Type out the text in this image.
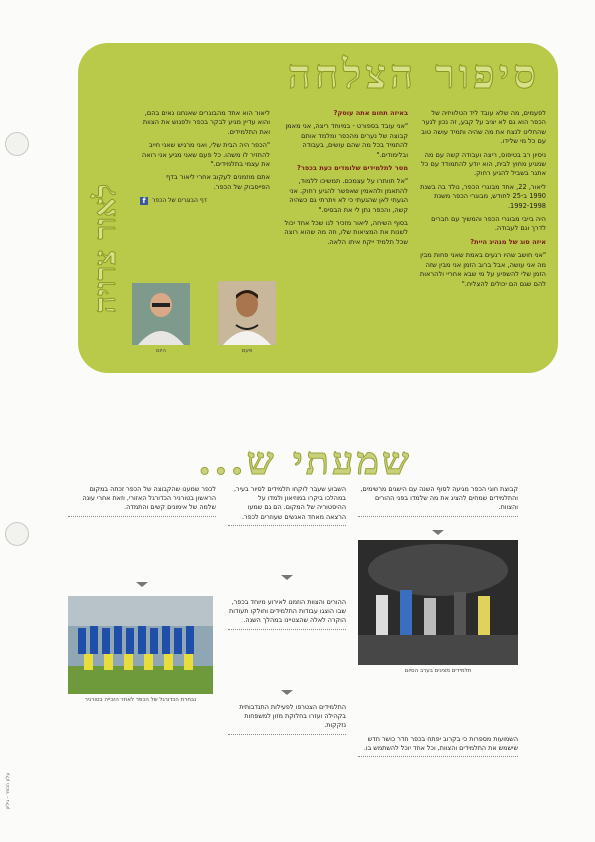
סיפור הצלחה
לאור צרויה

לפעמים, מה שלא עובד ליד הטלוויזיה של הכפר הוא גם לא יציב על קבע, זה נכון לנער שהחליט לנצח את מה שהיה ותמיד עושה טוב עם כל מי שלידו.

ניסיון רב בטיפוס, ריצה ועבודה קשה עם מה שמגיע מחוץ לבית, הוא יודע להתמודד עם כל אתגר בשביל להגיע רחוק.

ליאור, 22, אחד מבוגרי הכפר, נולד בה בשנת 1990 ב-25 לחודש, מבוגרי הכפר משנת 1992-1998.

היה בייבי מבוגרי הכפר והמשיך עם חברים לדרך וגם לעבודה.

איזה סוג של מנהיג היית?

"אני חושב שהיו רגעים באמת שאני פחות מבין מה אני עושה, אבל ברוב הזמן אני מבין שזה הזמן שלי להשפיע על מי שבא אחריי ולהראות להם שגם הם יכולים להצליח."

באיזה תחום אתה עוסק?

"אני עובד בספורט - במיוחד ריצה, אני מאמן קבוצה של נערים מהכפר ומלמד אותם להתמיד בכל מה שהם עושים, בעבודה ובלימודים."

מסר לתלמידים שלומדים כעת בכפר?

"אל תוותרו על עצמכם. תמשיכו ללמוד, להתאמן ולהאמין שאפשר להגיע רחוק. אני הגעתי לאן שהגעתי כי לא ויתרתי גם כשהיה קשה, והכפר נתן לי את הבסיס."

בסוף השיחה, ליאור מזכיר לנו שכל אחד יכול לשנות את המציאות שלו, וזה מה שהוא רוצה שכל תלמיד ייקח איתו הלאה.

ליאור הוא אחד מהבוגרים שאנחנו גאים בהם, והוא עדיין מגיע לבקר בכפר ולפגוש את הצוות ואת התלמידים.

"הכפר היה הבית שלי, ואני מרגיש שאני חייב להחזיר לו משהו. כל פעם שאני מגיע אני רואה את עצמי בתלמידים."

אתם מוזמנים לעקוב אחרי ליאור בדף הפייסבוק של הכפר.

דף הבוגרים של הכפר
f
היום	פעם
שמעתי ש...
קבוצת חוגי הכפר מגיעה לסוף השנה עם הישגים מרשימים, והתלמידים שמחים להציג את מה שלמדו בפני ההורים והצוות.
תלמידים מציגים בערב הסיום
השמועות מספרות כי בקרוב יפתח בכפר חדר כושר חדש שישמש את התלמידים והצוות, וכל אחד יוכל להשתמש בו.
השבוע שעבר לוקחו תלמידים לסיור בעיר, במהלכו ביקרו במוזיאון ולמדו על ההיסטוריה של המקום. הם גם שמעו הרצאה מאחד האנשים שעוזרים לכפר.
ההורים והצוות הוזמנו לאירוע מיוחד בכפר, שבו הוצגו עבודות התלמידים וחולקו תעודות הוקרה לאלה שהצטיינו במהלך השנה.
התלמידים הצטרפו לפעילות התנדבותית בקהילה ועזרו בחלוקת מזון למשפחות נזקקות.
לכפר שמענו שהקבוצה של הכפר זכתה במקום הראשון בטורניר הכדורגל האזורי, וזאת אחרי עונה שלמה של אימונים קשים והתמדה.
נבחרת הכדורגל של הכפר לאחר הזכייה בטורניר
עלון הכפר - גיליון
